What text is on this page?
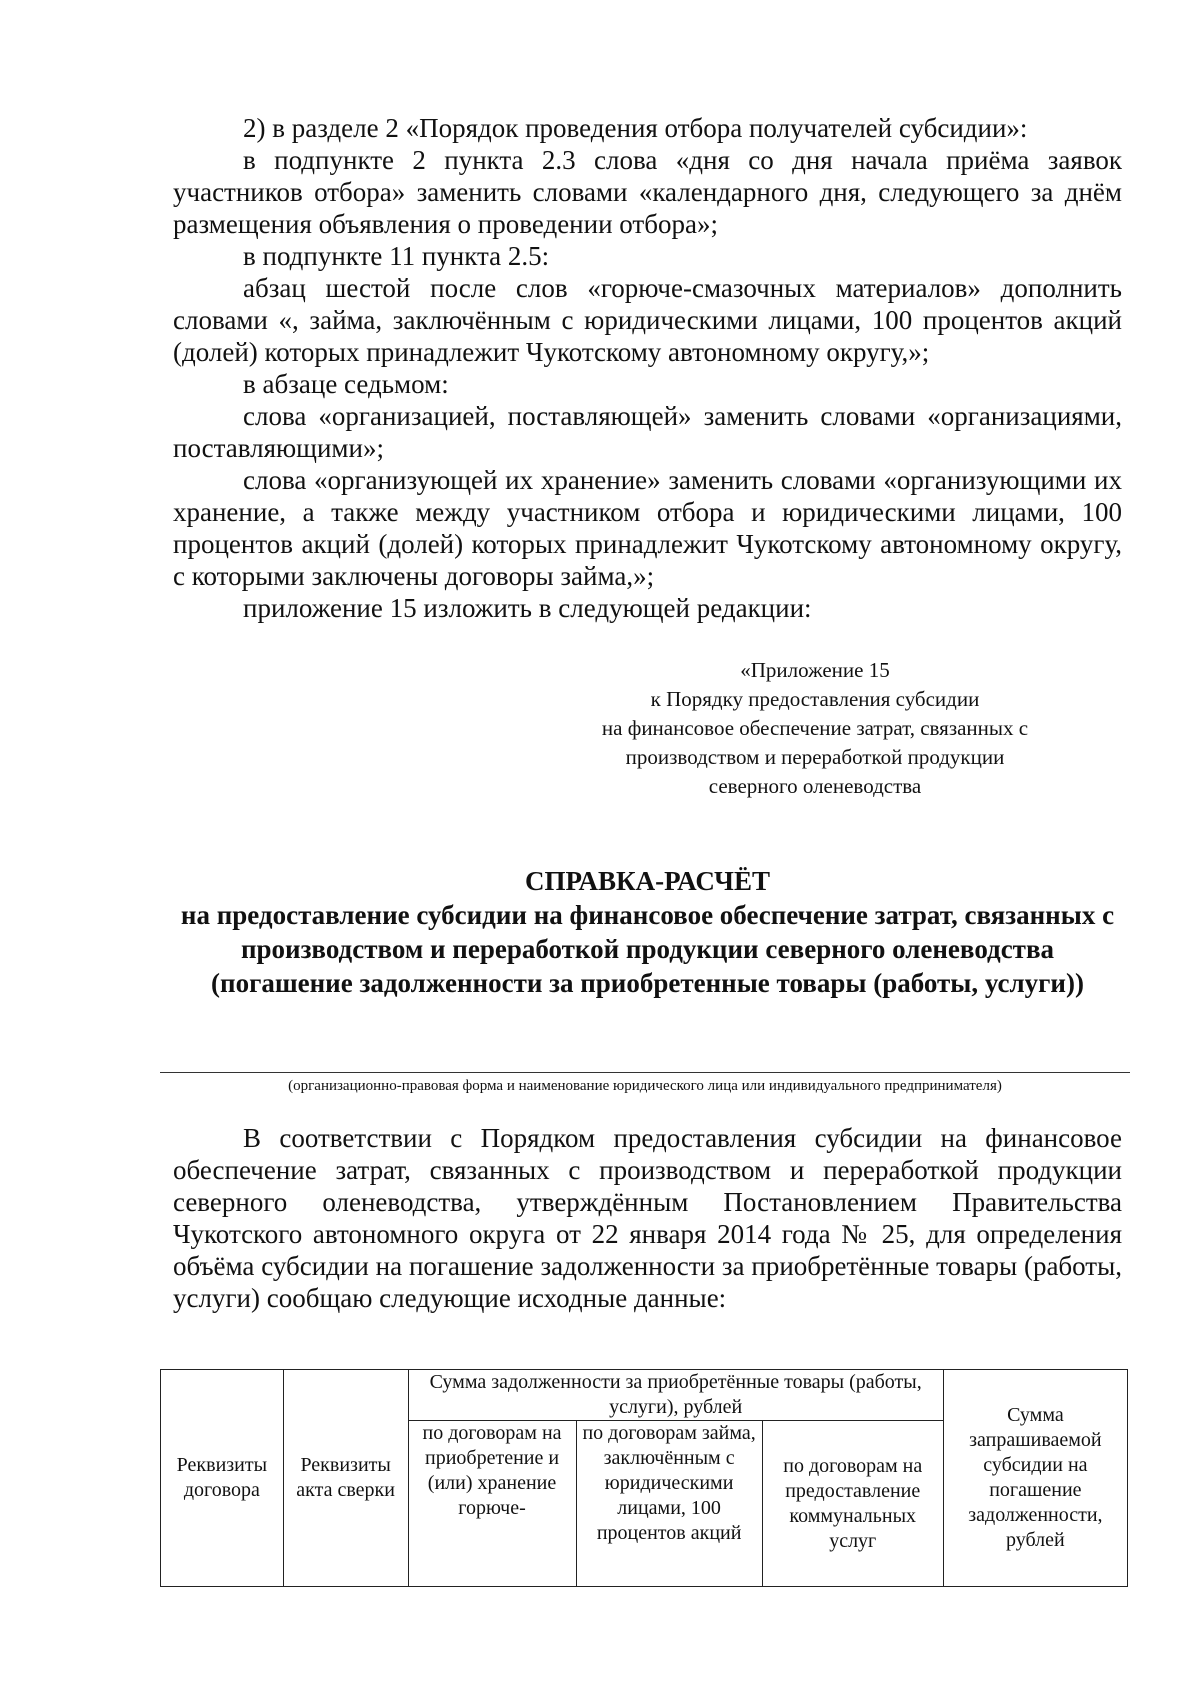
2) в разделе 2 «Порядок проведения отбора получателей субсидии»:

в подпункте 2 пункта 2.3 слова «дня со дня начала приёма заявок участников отбора» заменить словами «календарного дня, следующего за днём размещения объявления о проведении отбора»;

в подпункте 11 пункта 2.5:

абзац шестой после слов «горюче-смазочных материалов» дополнить словами «, займа, заключённым с юридическими лицами, 100 процентов акций (долей) которых принадлежит Чукотскому автономному округу,»;

в абзаце седьмом:

слова «организацией, поставляющей» заменить словами «организациями, поставляющими»;

слова «организующей их хранение» заменить словами «организующими их хранение, а также между участником отбора и юридическими лицами, 100 процентов акций (долей) которых принадлежит Чукотскому автономному округу, с которыми заключены договоры займа,»;

приложение 15 изложить в следующей редакции:

«Приложение 15
к Порядку предоставления субсидии
на финансовое обеспечение затрат, связанных с
производством и переработкой продукции
северного оленеводства
СПРАВКА-РАСЧЁТ
на предоставление субсидии на финансовое обеспечение затрат, связанных с производством и переработкой продукции северного оленеводства (погашение задолженности за приобретенные товары (работы, услуги))
(организационно-правовая форма и наименование юридического лица или индивидуального предпринимателя)

В соответствии с Порядком предоставления субсидии на финансовое обеспечение затрат, связанных с производством и переработкой продукции северного оленеводства, утверждённым Постановлением Правительства Чукотского автономного округа от 22 января 2014 года № 25, для определения объёма субсидии на погашение задолженности за приобретённые товары (работы, услуги) сообщаю следующие исходные данные:

Реквизиты договора	Реквизиты акта сверки	Сумма задолженности за приобретённые товары (работы, услуги), рублей			Сумма запрашиваемой субсидии на погашение задолженности, рублей

		по договорам на приобретение и (или) хранение горюче-	по договорам займа, заключённым с юридическими лицами, 100 процентов акций	по договорам на предоставление коммунальных услуг	
